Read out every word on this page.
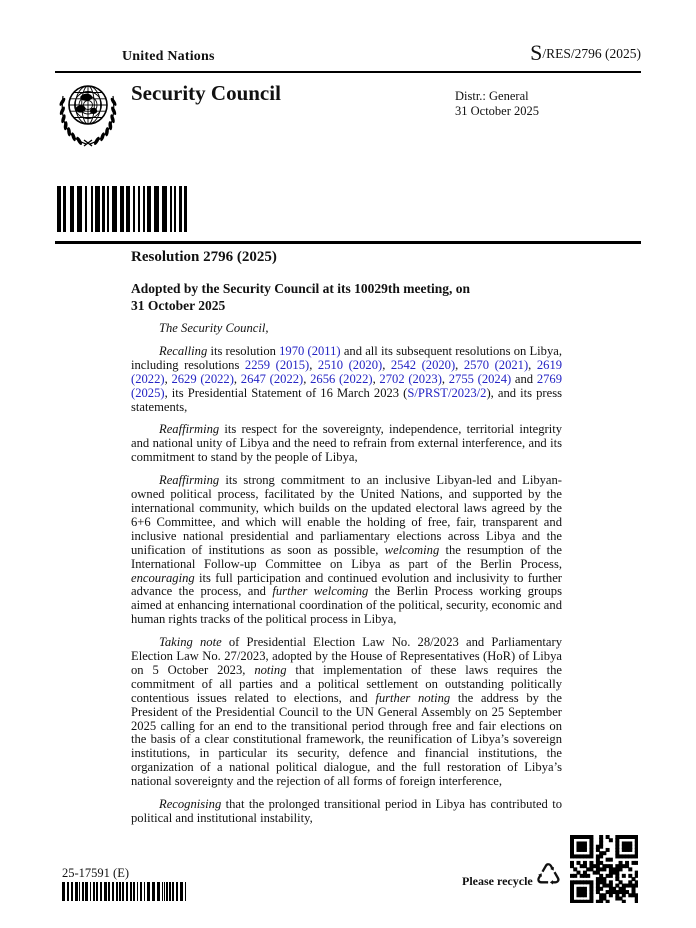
United Nations	S/RES/2796 (2025)
Security Council	Distr.: General
31 October 2025
Resolution 2796 (2025)
Adopted by the Security Council at its 10029th meeting, on
31 October 2025

The Security Council,

Recalling its resolution 1970 (2011) and all its subsequent resolutions on Libya, including resolutions 2259 (2015), 2510 (2020), 2542 (2020), 2570 (2021), 2619 (2022), 2629 (2022), 2647 (2022), 2656 (2022), 2702 (2023), 2755 (2024) and 2769 (2025), its Presidential Statement of 16 March 2023 (S/PRST/2023/2), and its press statements,

Reaffirming its respect for the sovereignty, independence, territorial integrity and national unity of Libya and the need to refrain from external interference, and its commitment to stand by the people of Libya,

Reaffirming its strong commitment to an inclusive Libyan-led and Libyan-owned political process, facilitated by the United Nations, and supported by the international community, which builds on the updated electoral laws agreed by the 6+6 Committee, and which will enable the holding of free, fair, transparent and inclusive national presidential and parliamentary elections across Libya and the unification of institutions as soon as possible, welcoming the resumption of the International Follow-up Committee on Libya as part of the Berlin Process, encouraging its full participation and continued evolution and inclusivity to further advance the process, and further welcoming the Berlin Process working groups aimed at enhancing international coordination of the political, security, economic and human rights tracks of the political process in Libya,

Taking note of Presidential Election Law No. 28/2023 and Parliamentary Election Law No. 27/2023, adopted by the House of Representatives (HoR) of Libya on 5 October 2023, noting that implementation of these laws requires the commitment of all parties and a political settlement on outstanding politically contentious issues related to elections, and further noting the address by the President of the Presidential Council to the UN General Assembly on 25 September 2025 calling for an end to the transitional period through free and fair elections on the basis of a clear constitutional framework, the reunification of Libya’s sovereign institutions, in particular its security, defence and financial institutions, the organization of a national political dialogue, and the full restoration of Libya’s national sovereignty and the rejection of all forms of foreign interference,

Recognising that the prolonged transitional period in Libya has contributed to political and institutional instability,

25-17591 (E)
Please recycle ♺
